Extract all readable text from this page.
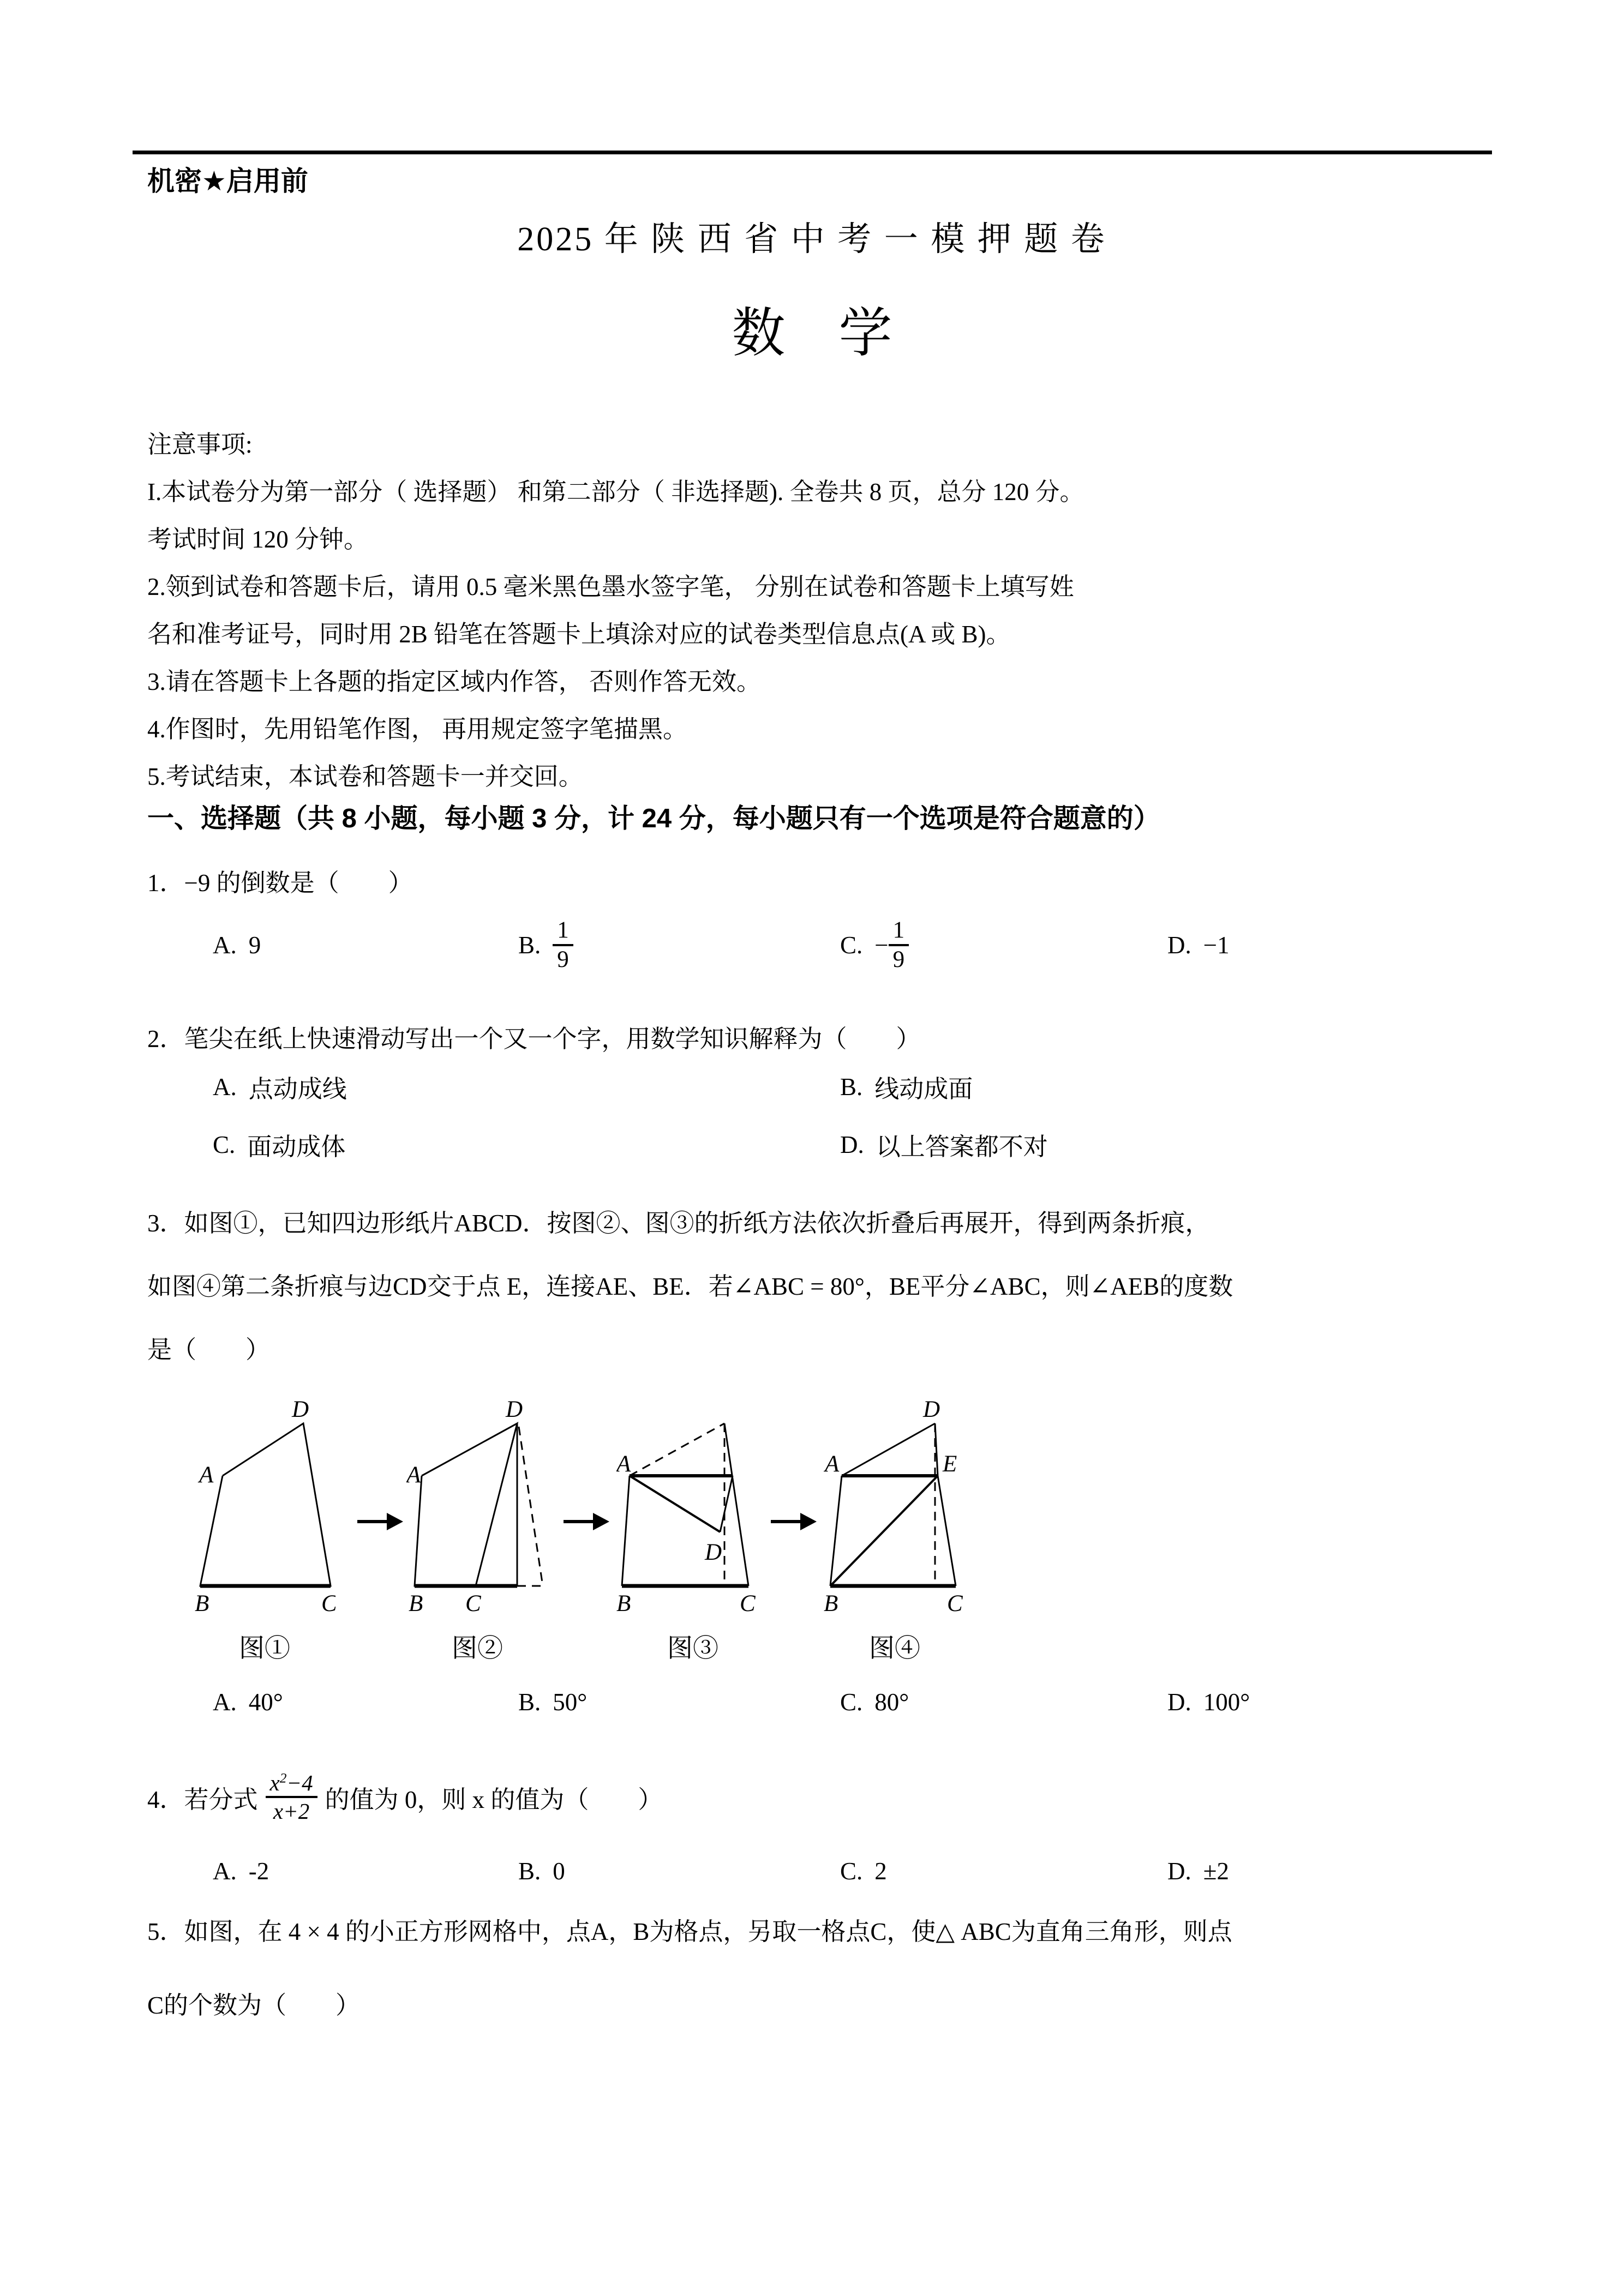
机密★启用前
2025 年 陕 西 省 中 考 一 模 押 题 卷
数　学
注意事项:
I.本试卷分为第一部分（ 选择题） 和第二部分（ 非选择题). 全卷共 8 页，总分 120 分。
考试时间 120 分钟。
2.领到试卷和答题卡后，请用 0.5 毫米黑色墨水签字笔， 分别在试卷和答题卡上填写姓
名和准考证号，同时用 2B 铅笔在答题卡上填涂对应的试卷类型信息点(A 或 B)。
3.请在答题卡上各题的指定区域内作答， 否则作答无效。
4.作图时，先用铅笔作图， 再用规定签字笔描黑。
5.考试结束，本试卷和答题卡一并交回。
一、选择题（共 8 小题，每小题 3 分，计 24 分，每小题只有一个选项是符合题意的）
1．−9 的倒数是（　　）
A. 9	B. $\frac{1}{9}$	C. − $\frac{1}{9}$	D. −1
2．笔尖在纸上快速滑动写出一个又一个字，用数学知识解释为（　　）
A. 点动成线	B. 线动成面
C. 面动成体	D. 以上答案都不对
3．如图①，已知四边形纸片ABCD．按图②、图③的折纸方法依次折叠后再展开，得到两条折痕，
如图④第二条折痕与边CD交于点 E，连接AE、BE．若∠ABC = 80°，BE平分∠ABC，则∠AEB的度数
是（　　）
D
A
B	C
图①
D
A
B C
图②
A
D
B	C
图③
D
A	E
B	C
图④
A. 40°	B. 50°	C. 80°	D. 100°
4．若分式 $\frac{x^2-4}{x+2}$ 的值为 0，则 x 的值为（　　）
A. -2	B. 0	C. 2	D. ±2
5．如图，在 4 × 4 的小正方形网格中，点A，B为格点，另取一格点C，使△ ABC为直角三角形，则点
C的个数为（　　）
